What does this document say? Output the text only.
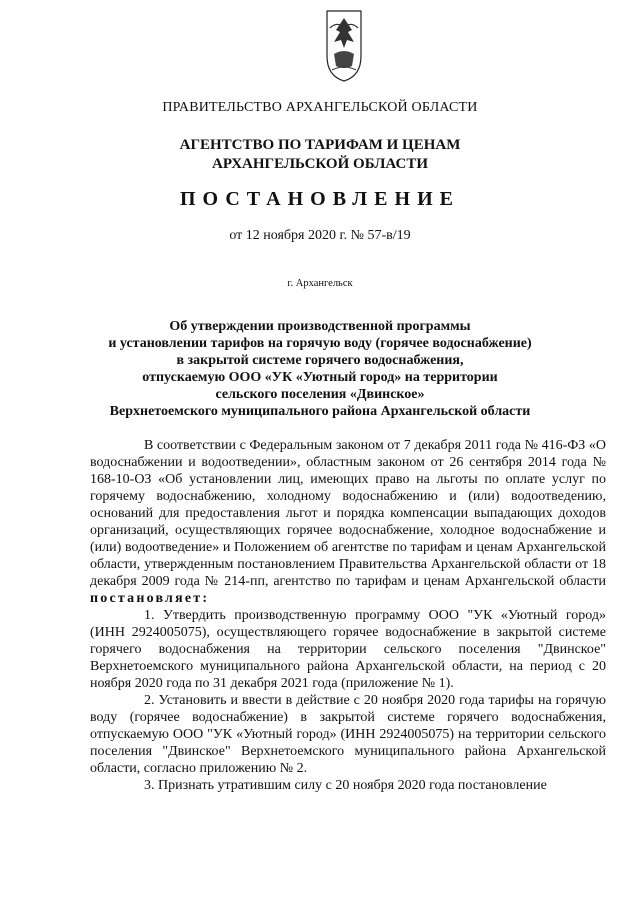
ПРАВИТЕЛЬСТВО АРХАНГЕЛЬСКОЙ ОБЛАСТИ
АГЕНТСТВО ПО ТАРИФАМ И ЦЕНАМ
АРХАНГЕЛЬСКОЙ ОБЛАСТИ
ПОСТАНОВЛЕНИЕ
от 12 ноября 2020 г. № 57-в/19
г. Архангельск
Об утверждении производственной программы
и установлении тарифов на горячую воду (горячее водоснабжение)
в закрытой системе горячего водоснабжения,
отпускаемую ООО «УК «Уютный город» на территории
сельского поселения «Двинское»
Верхнетоемского муниципального района Архангельской области

В соответствии с Федеральным законом от 7 декабря 2011 года № 416-ФЗ «О водоснабжении и водоотведении», областным законом от 26 сентября 2014 года № 168-10-ОЗ «Об установлении лиц, имеющих право на льготы по оплате услуг по горячему водоснабжению, холодному водоснабжению и (или) водоотведению, оснований для предоставления льгот и порядка компенсации выпадающих доходов организаций, осуществляющих горячее водоснабжение, холодное водоснабжение и (или) водоотведение» и Положением об агентстве по тарифам и ценам Архангельской области, утвержденным постановлением Правительства Архангельской области от 18 декабря 2009 года № 214-пп, агентство по тарифам и ценам Архангельской области постановляет:

1. Утвердить производственную программу ООО "УК «Уютный город» (ИНН 2924005075), осуществляющего горячее водоснабжение в закрытой системе горячего водоснабжения на территории сельского поселения "Двинское" Верхнетоемского муниципального района Архангельской области, на период с 20 ноября 2020 года по 31 декабря 2021 года (приложение № 1).

2. Установить и ввести в действие с 20 ноября 2020 года тарифы на горячую воду (горячее водоснабжение) в закрытой системе горячего водоснабжения, отпускаемую ООО "УК «Уютный город» (ИНН 2924005075) на территории сельского поселения "Двинское" Верхнетоемского муниципального района Архангельской области, согласно приложению № 2.

3. Признать утратившим силу с 20 ноября 2020 года постановление
